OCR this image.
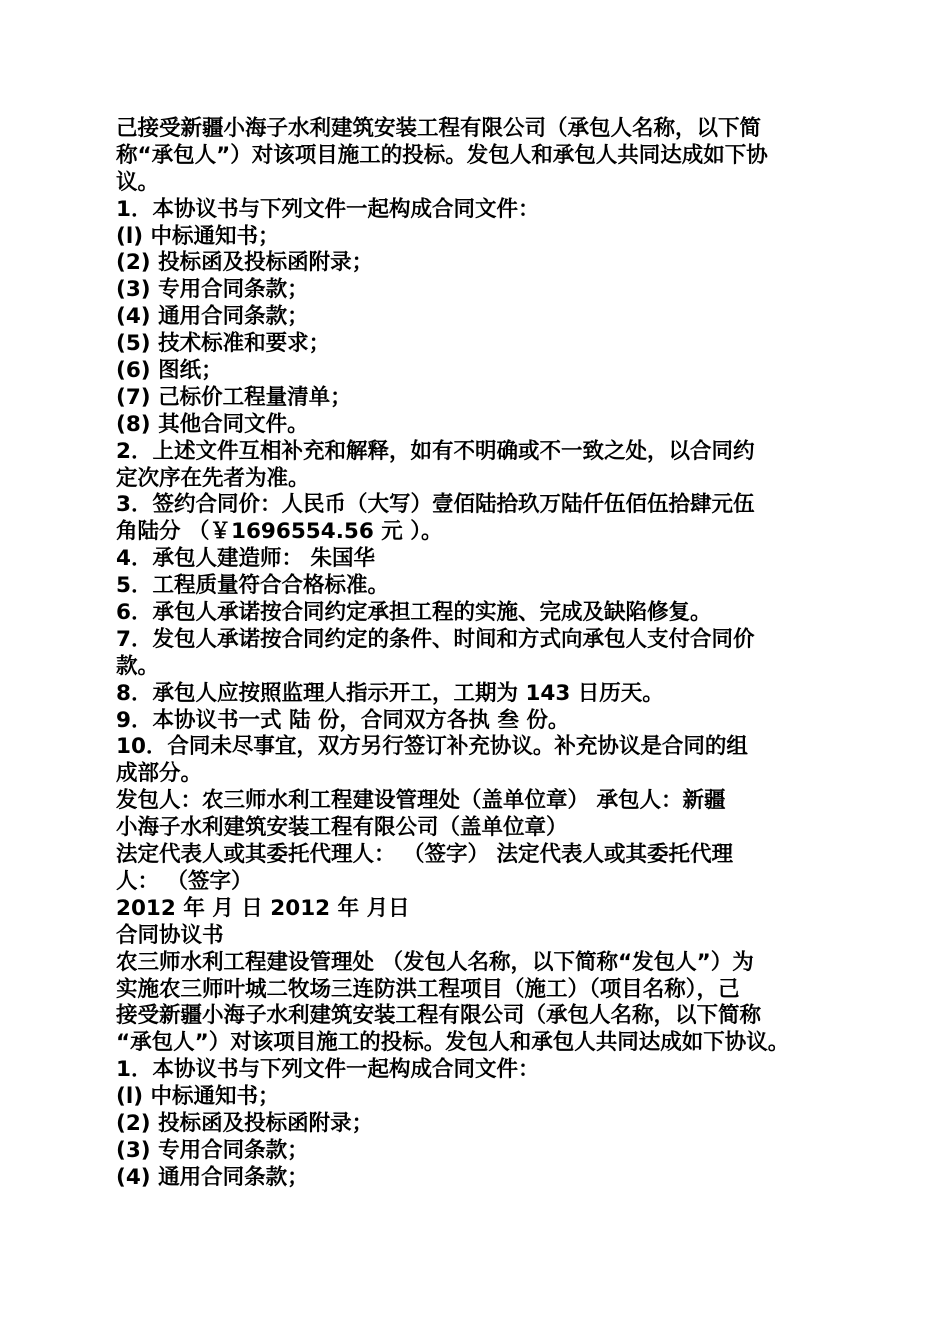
己接受新疆小海子水利建筑安装工程有限公司（承包人名称，以下简
称“承包人”）对该项目施工的投标。发包人和承包人共同达成如下协
议。
1．本协议书与下列文件一起构成合同文件：
(l) 中标通知书；
(2) 投标函及投标函附录；
(3) 专用合同条款；
(4) 通用合同条款；
(5) 技术标准和要求；
(6) 图纸；
(7) 己标价工程量清单；
(8) 其他合同文件。
2．上述文件互相补充和解释，如有不明确或不一致之处，以合同约
定次序在先者为准。
3．签约合同价：人民币（大写）壹佰陆拾玖万陆仟伍佰伍拾肆元伍
角陆分 （￥1696554.56 元 ）。
4．承包人建造师： 朱国华
5．工程质量符合合格标准。
6．承包人承诺按合同约定承担工程的实施、完成及缺陷修复。
7．发包人承诺按合同约定的条件、时间和方式向承包人支付合同价
款。
8．承包人应按照监理人指示开工，工期为 143 日历天。
9．本协议书一式 陆 份，合同双方各执 叁 份。
10．合同未尽事宜，双方另行签订补充协议。补充协议是合同的组
成部分。
发包人：农三师水利工程建设管理处（盖单位章） 承包人：新疆
小海子水利建筑安装工程有限公司（盖单位章）
法定代表人或其委托代理人： （签字） 法定代表人或其委托代理
人： （签字）
2012 年 月 日 2012 年 月日
合同协议书
农三师水利工程建设管理处 （发包人名称，以下简称“发包人”）为
实施农三师叶城二牧场三连防洪工程项目（施工）（项目名称），己
接受新疆小海子水利建筑安装工程有限公司（承包人名称，以下简称
“承包人”）对该项目施工的投标。发包人和承包人共同达成如下协议。
1．本协议书与下列文件一起构成合同文件：
(l) 中标通知书；
(2) 投标函及投标函附录；
(3) 专用合同条款；
(4) 通用合同条款；
